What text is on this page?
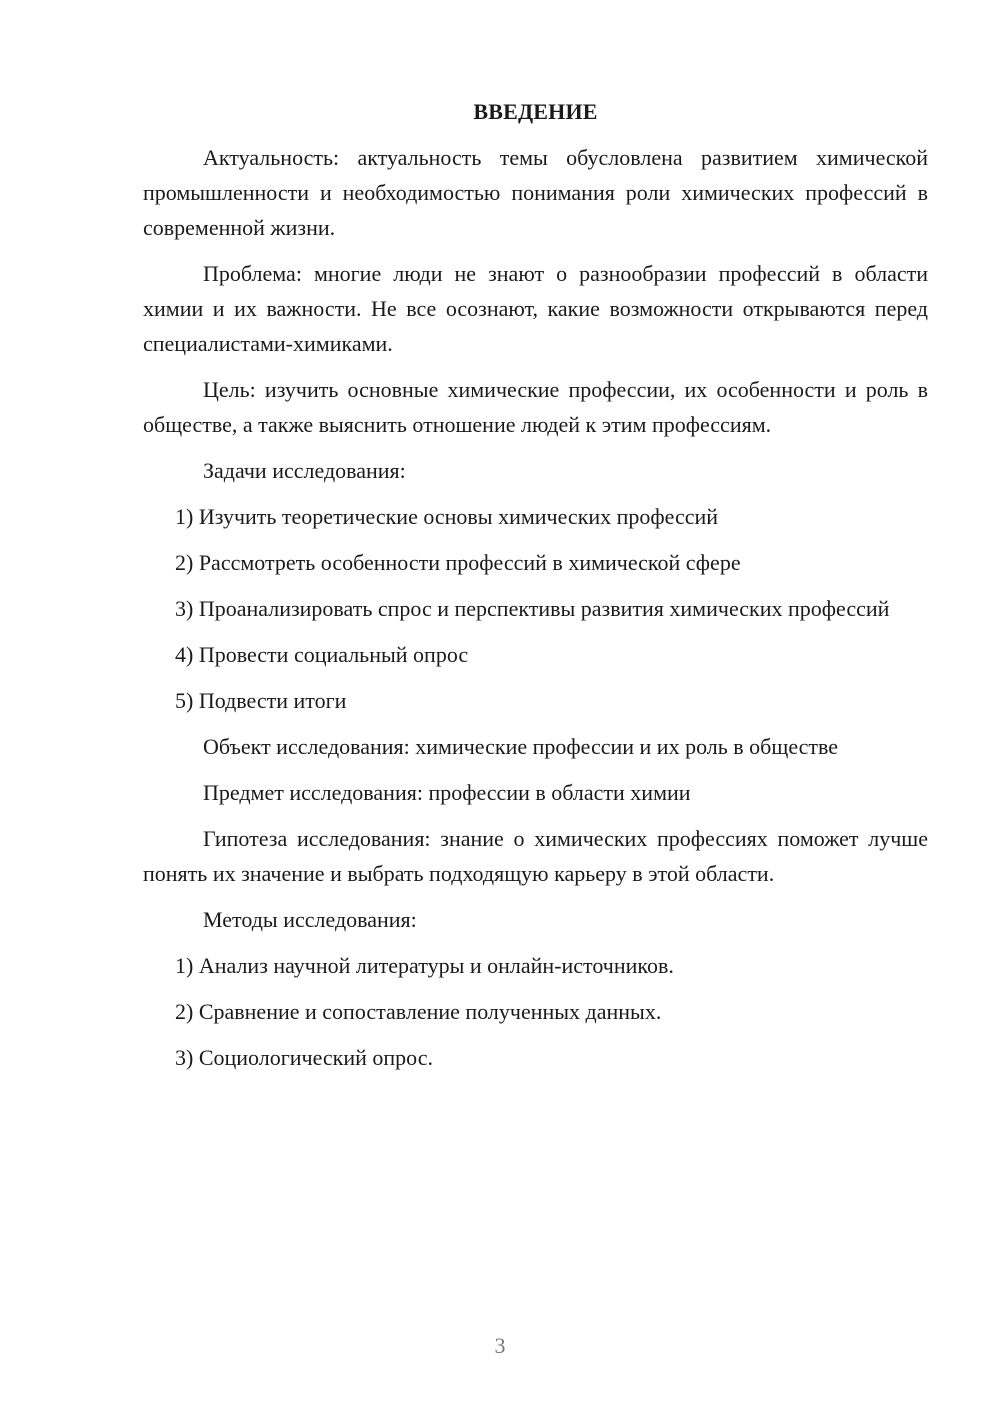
ВВЕДЕНИЕ
Актуальность: актуальность темы обусловлена развитием химической промышленности и необходимостью понимания роли химических профессий в современной жизни.
Проблема: многие люди не знают о разнообразии профессий в области химии и их важности. Не все осознают, какие возможности открываются перед специалистами-химиками.
Цель: изучить основные химические профессии, их особенности и роль в обществе, а также выяснить отношение людей к этим профессиям.
Задачи исследования:
1) Изучить теоретические основы химических профессий
2) Рассмотреть особенности профессий в химической сфере
3) Проанализировать спрос и перспективы развития химических профессий
4) Провести социальный опрос
5) Подвести итоги
Объект исследования: химические профессии и их роль в обществе
Предмет исследования: профессии в области химии
Гипотеза исследования: знание о химических профессиях поможет лучше понять их значение и выбрать подходящую карьеру в этой области.
Методы исследования:
1) Анализ научной литературы и онлайн-источников.
2) Сравнение и сопоставление полученных данных.
3) Социологический опрос.
3
